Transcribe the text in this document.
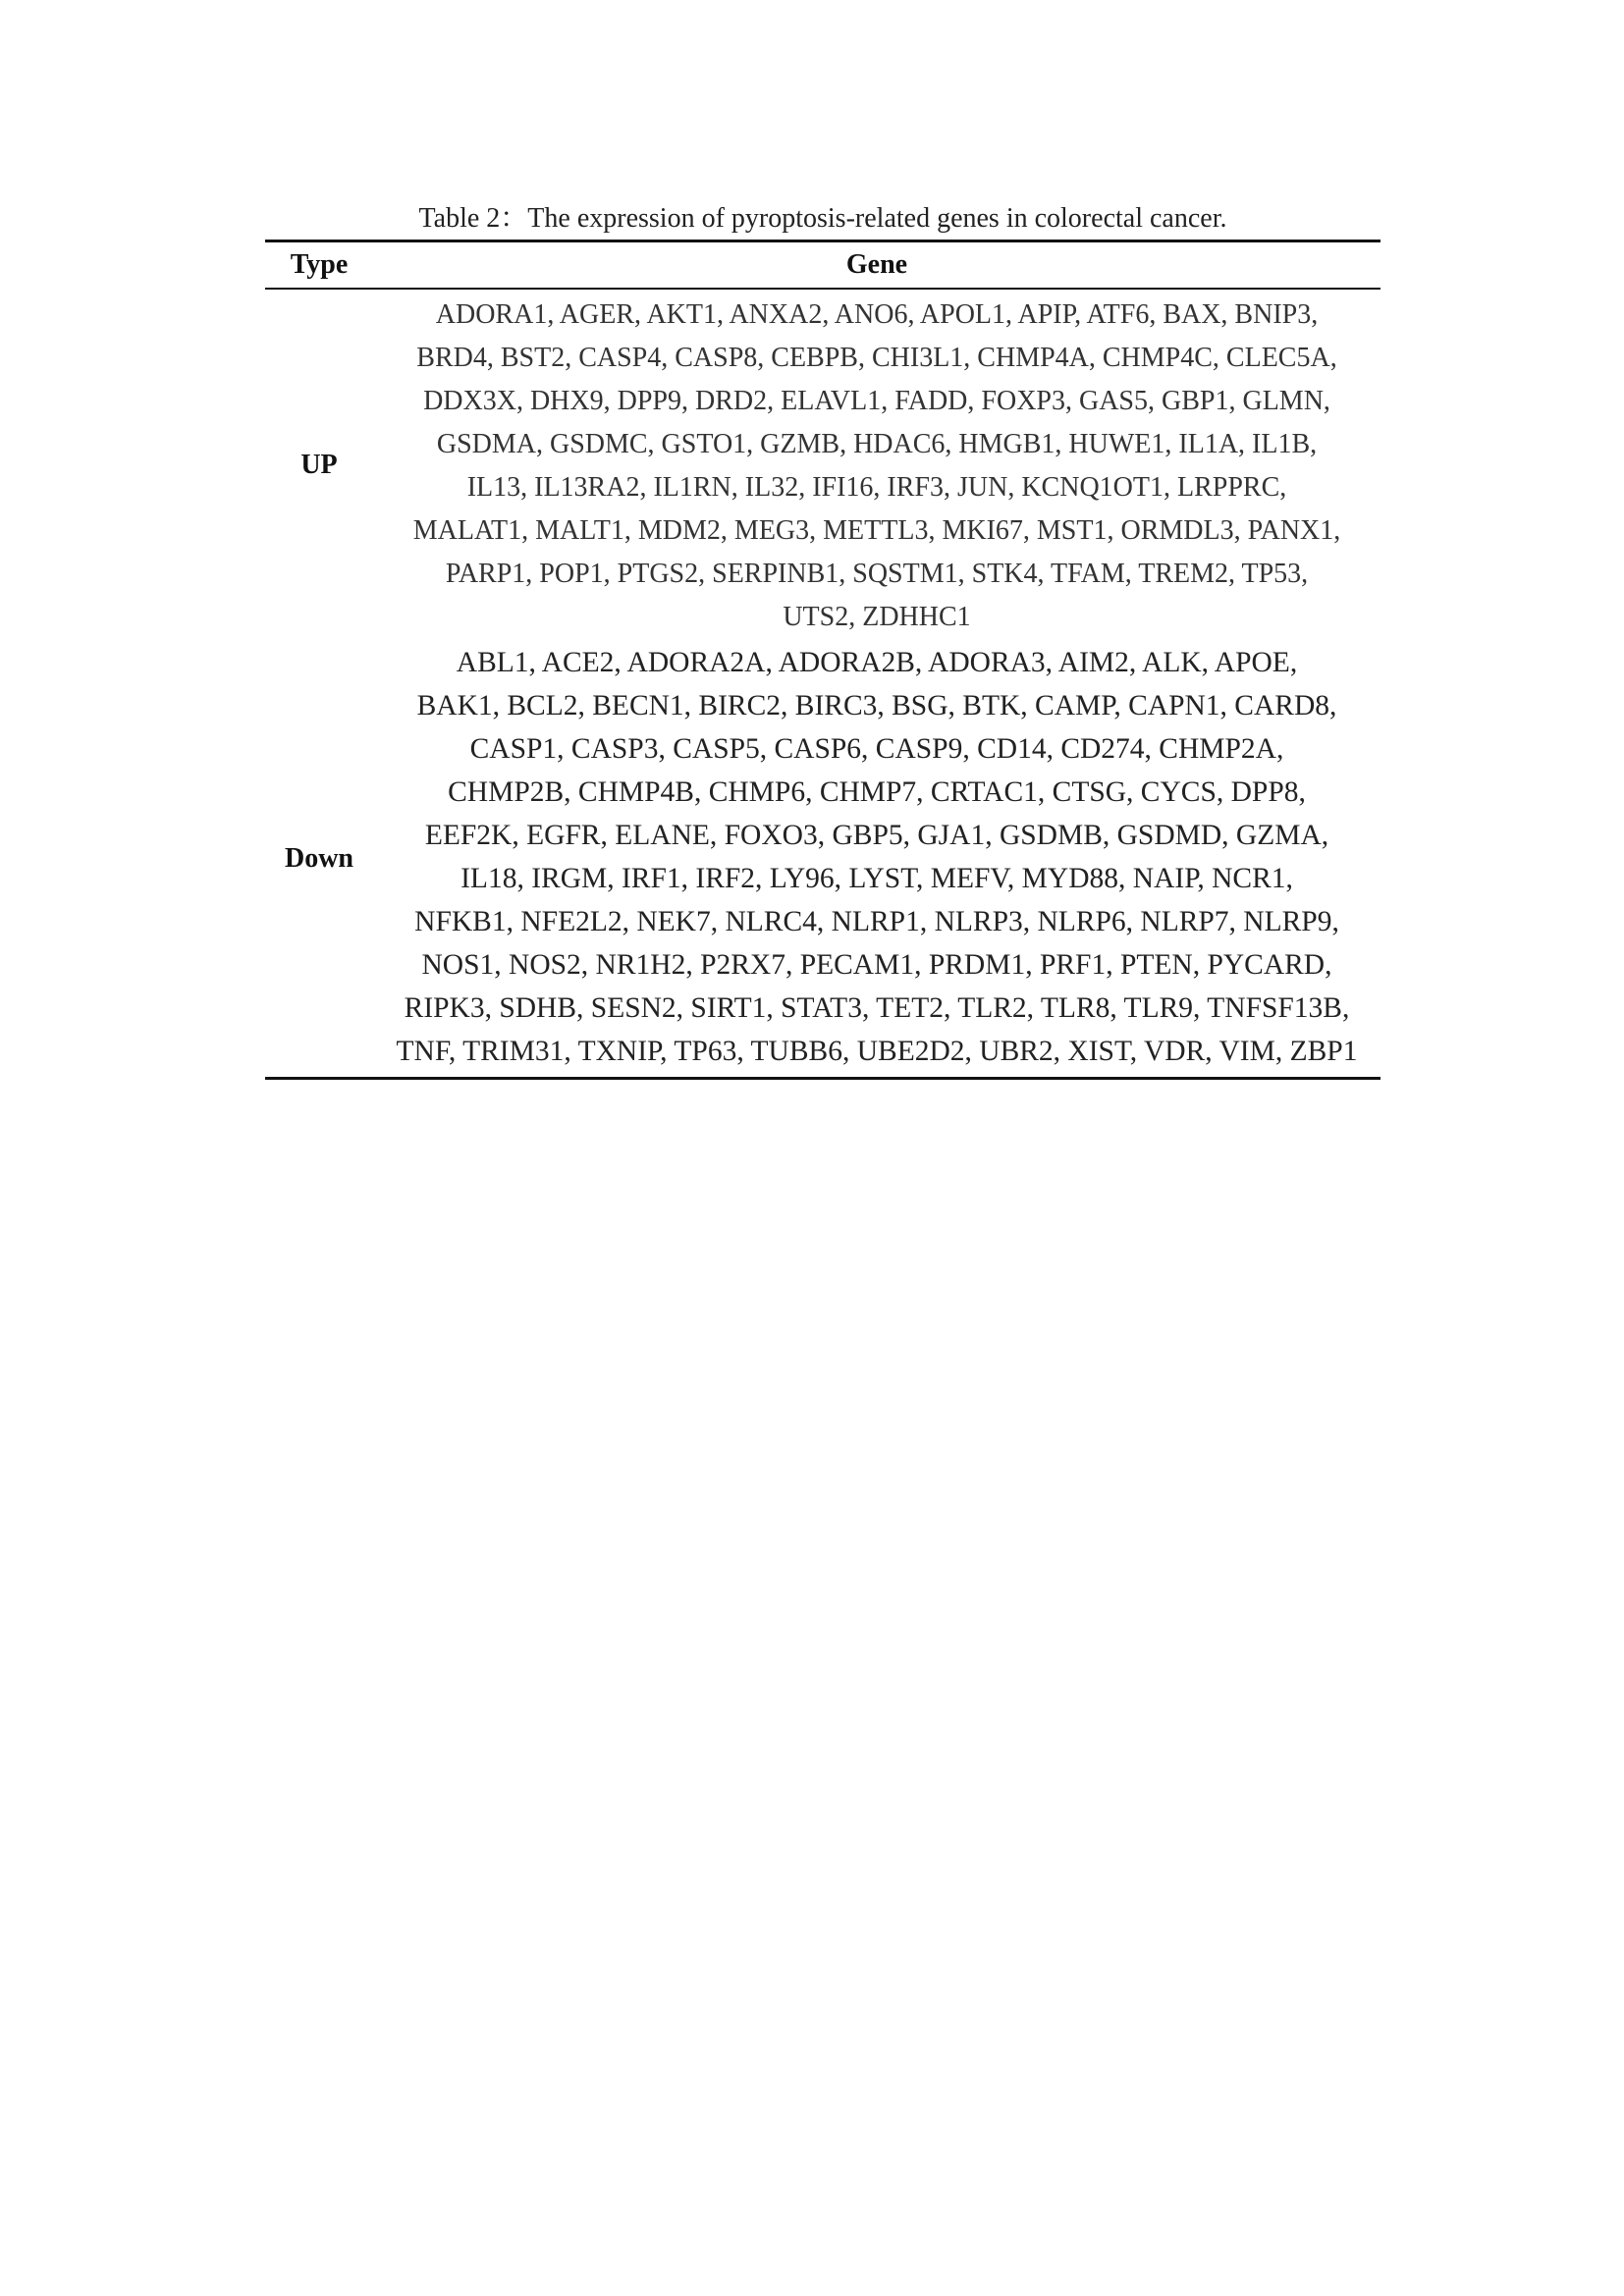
Table 2：The expression of pyroptosis-related genes in colorectal cancer.
Type	Gene
UP
ADORA1, AGER, AKT1, ANXA2, ANO6, APOL1, APIP, ATF6, BAX, BNIP3,
BRD4, BST2, CASP4, CASP8, CEBPB, CHI3L1, CHMP4A, CHMP4C, CLEC5A,
DDX3X, DHX9, DPP9, DRD2, ELAVL1, FADD, FOXP3, GAS5, GBP1, GLMN,
GSDMA, GSDMC, GSTO1, GZMB, HDAC6, HMGB1, HUWE1, IL1A, IL1B,
IL13, IL13RA2, IL1RN, IL32, IFI16, IRF3, JUN, KCNQ1OT1, LRPPRC,
MALAT1, MALT1, MDM2, MEG3, METTL3, MKI67, MST1, ORMDL3, PANX1,
PARP1, POP1, PTGS2, SERPINB1, SQSTM1, STK4, TFAM, TREM2, TP53,
UTS2, ZDHHC1
Down
ABL1, ACE2, ADORA2A, ADORA2B, ADORA3, AIM2, ALK, APOE,
BAK1, BCL2, BECN1, BIRC2, BIRC3, BSG, BTK, CAMP, CAPN1, CARD8,
CASP1, CASP3, CASP5, CASP6, CASP9, CD14, CD274, CHMP2A,
CHMP2B, CHMP4B, CHMP6, CHMP7, CRTAC1, CTSG, CYCS, DPP8,
EEF2K, EGFR, ELANE, FOXO3, GBP5, GJA1, GSDMB, GSDMD, GZMA,
IL18, IRGM, IRF1, IRF2, LY96, LYST, MEFV, MYD88, NAIP, NCR1,
NFKB1, NFE2L2, NEK7, NLRC4, NLRP1, NLRP3, NLRP6, NLRP7, NLRP9,
NOS1, NOS2, NR1H2, P2RX7, PECAM1, PRDM1, PRF1, PTEN, PYCARD,
RIPK3, SDHB, SESN2, SIRT1, STAT3, TET2, TLR2, TLR8, TLR9, TNFSF13B,
TNF, TRIM31, TXNIP, TP63, TUBB6, UBE2D2, UBR2, XIST, VDR, VIM, ZBP1
